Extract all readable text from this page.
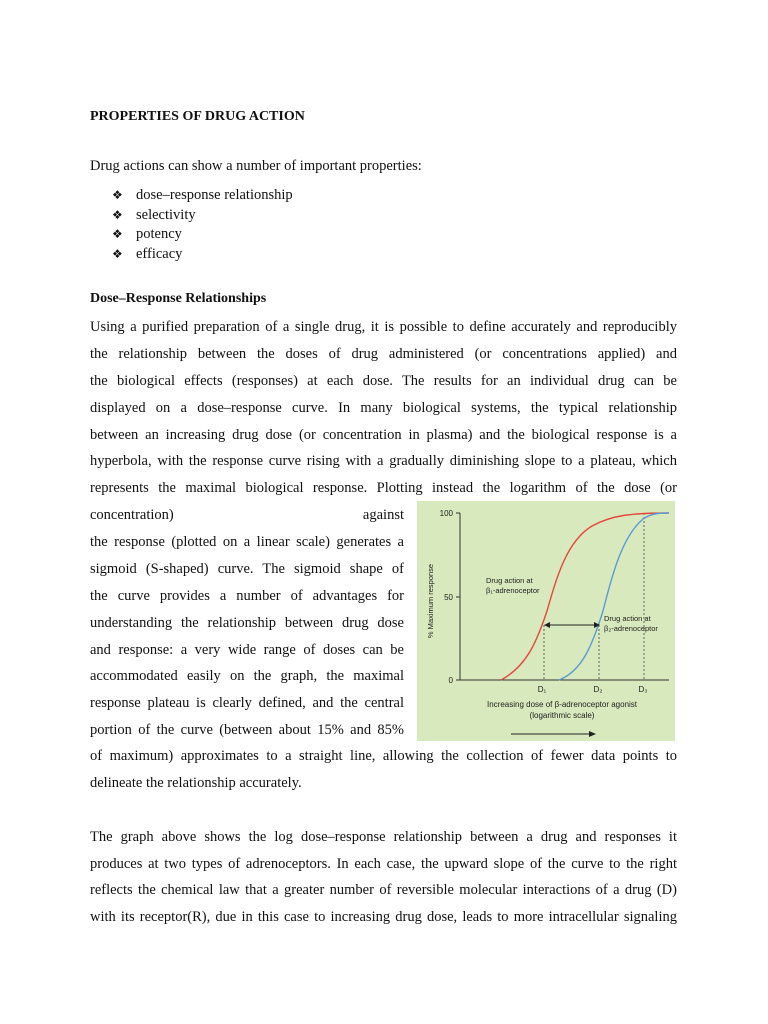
PROPERTIES OF DRUG ACTION
Drug actions can show a number of important properties:
❖ dose–response relationship
❖ selectivity
❖ potency
❖ efficacy
Dose–Response Relationships
Using a purified preparation of a single drug, it is possible to define accurately and reproducibly
the relationship between the doses of drug administered (or concentrations applied) and
the biological effects (responses) at each dose. The results for an individual drug can be
displayed on a dose–response curve. In many biological systems, the typical relationship
between an increasing drug dose (or concentration in plasma) and the biological response is a
hyperbola, with the response curve rising with a gradually diminishing slope to a plateau, which
represents the maximal biological response. Plotting instead the logarithm of the dose (or
concentration)                                   against
the response (plotted on a linear scale) generates a
sigmoid (S-shaped) curve. The sigmoid shape of
the curve provides a number of advantages for
understanding the relationship between drug dose
and response: a very wide range of doses can be
accommodated easily on the graph, the maximal
response plateau is clearly defined, and the central
portion of the curve (between about 15% and 85%
of maximum) approximates to a straight line, allowing the collection of fewer data points to
delineate the relationship accurately.
The graph above shows the log dose–response relationship between a drug and responses it
produces at two types of adrenoceptors. In each case, the upward slope of the curve to the right
reflects the chemical law that a greater number of reversible molecular interactions of a drug (D)
with its receptor(R), due in this case to increasing drug dose, leads to more intracellular signaling
100
50
0
% Maximum response	Drug action at
β₁-adrenoceptor
Drug action at
β₂-adrenoceptor
D₁	D₂	D₃
Increasing dose of β-adrenoceptor agonist
(logarithmic scale)
